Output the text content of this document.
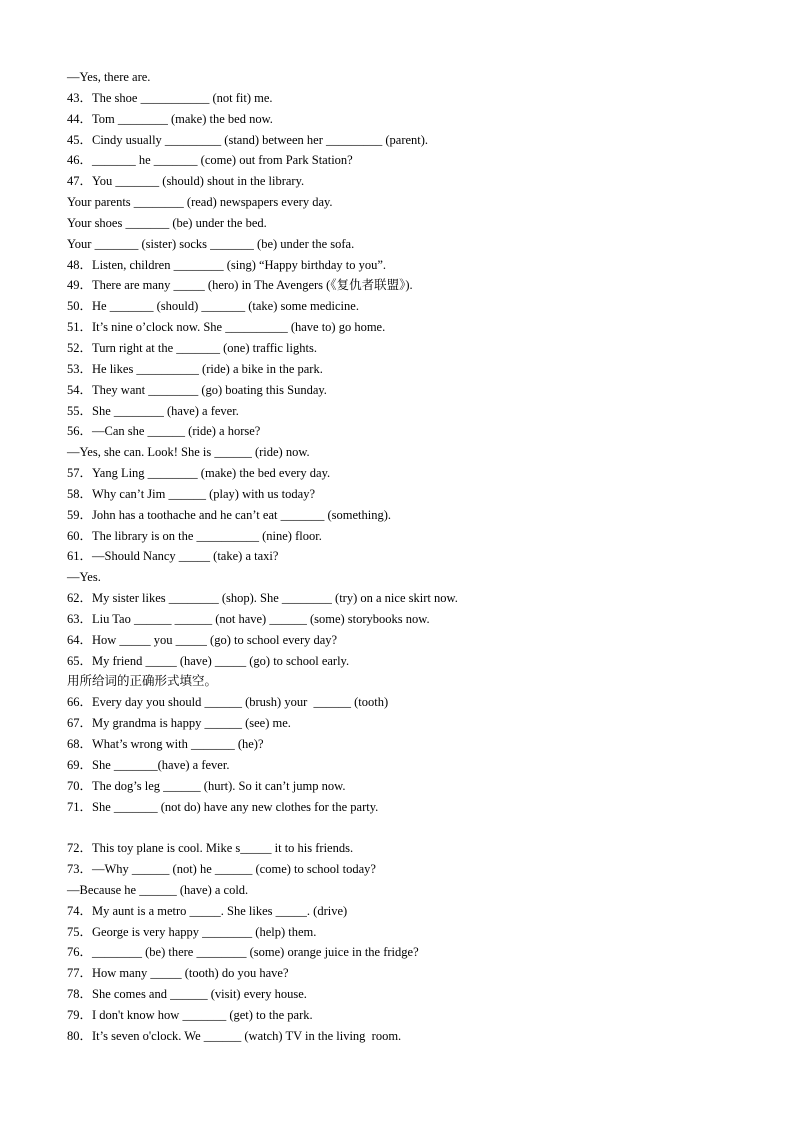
—Yes, there are.
43．The shoe ___________ (not fit) me.
44．Tom ________ (make) the bed now.
45．Cindy usually _________ (stand) between her _________ (parent).
46．_______ he _______ (come) out from Park Station?
47．You _______ (should) shout in the library.
Your parents ________ (read) newspapers every day.
Your shoes _______ (be) under the bed.
Your _______ (sister) socks _______ (be) under the sofa.
48．Listen, children ________ (sing) “Happy birthday to you”.
49．There are many _____ (hero) in The Avengers (《复仇者联盟》).
50．He _______ (should) _______ (take) some medicine.
51．It’s nine o’clock now. She __________ (have to) go home.
52．Turn right at the _______ (one) traffic lights.
53．He likes __________ (ride) a bike in the park.
54．They want ________ (go) boating this Sunday.
55．She ________ (have) a fever.
56．—Can she ______ (ride) a horse?
—Yes, she can. Look! She is ______ (ride) now.
57．Yang Ling ________ (make) the bed every day.
58．Why can’t Jim ______ (play) with us today?
59．John has a toothache and he can’t eat _______ (something).
60．The library is on the __________ (nine) floor.
61．—Should Nancy _____ (take) a taxi?
—Yes.
62．My sister likes ________ (shop). She ________ (try) on a nice skirt now.
63．Liu Tao ______ ______ (not have) ______ (some) storybooks now.
64．How _____ you _____ (go) to school every day?
65．My friend _____ (have) _____ (go) to school early.
用所给词的正确形式填空。
66．Every day you should ______ (brush) your  ______ (tooth)
67．My grandma is happy ______ (see) me.
68．What’s wrong with _______ (he)?
69．She _______(have) a fever.
70．The dog’s leg ______ (hurt). So it can’t jump now.
71．She _______ (not do) have any new clothes for the party.
72．This toy plane is cool. Mike s_____ it to his friends.
73．—Why ______ (not) he ______ (come) to school today?
—Because he ______ (have) a cold.
74．My aunt is a metro _____. She likes _____. (drive)
75．George is very happy ________ (help) them.
76．________ (be) there ________ (some) orange juice in the fridge?
77．How many _____ (tooth) do you have?
78．She comes and ______ (visit) every house.
79．I don't know how _______ (get) to the park.
80．It’s seven o'clock. We ______ (watch) TV in the living  room.
